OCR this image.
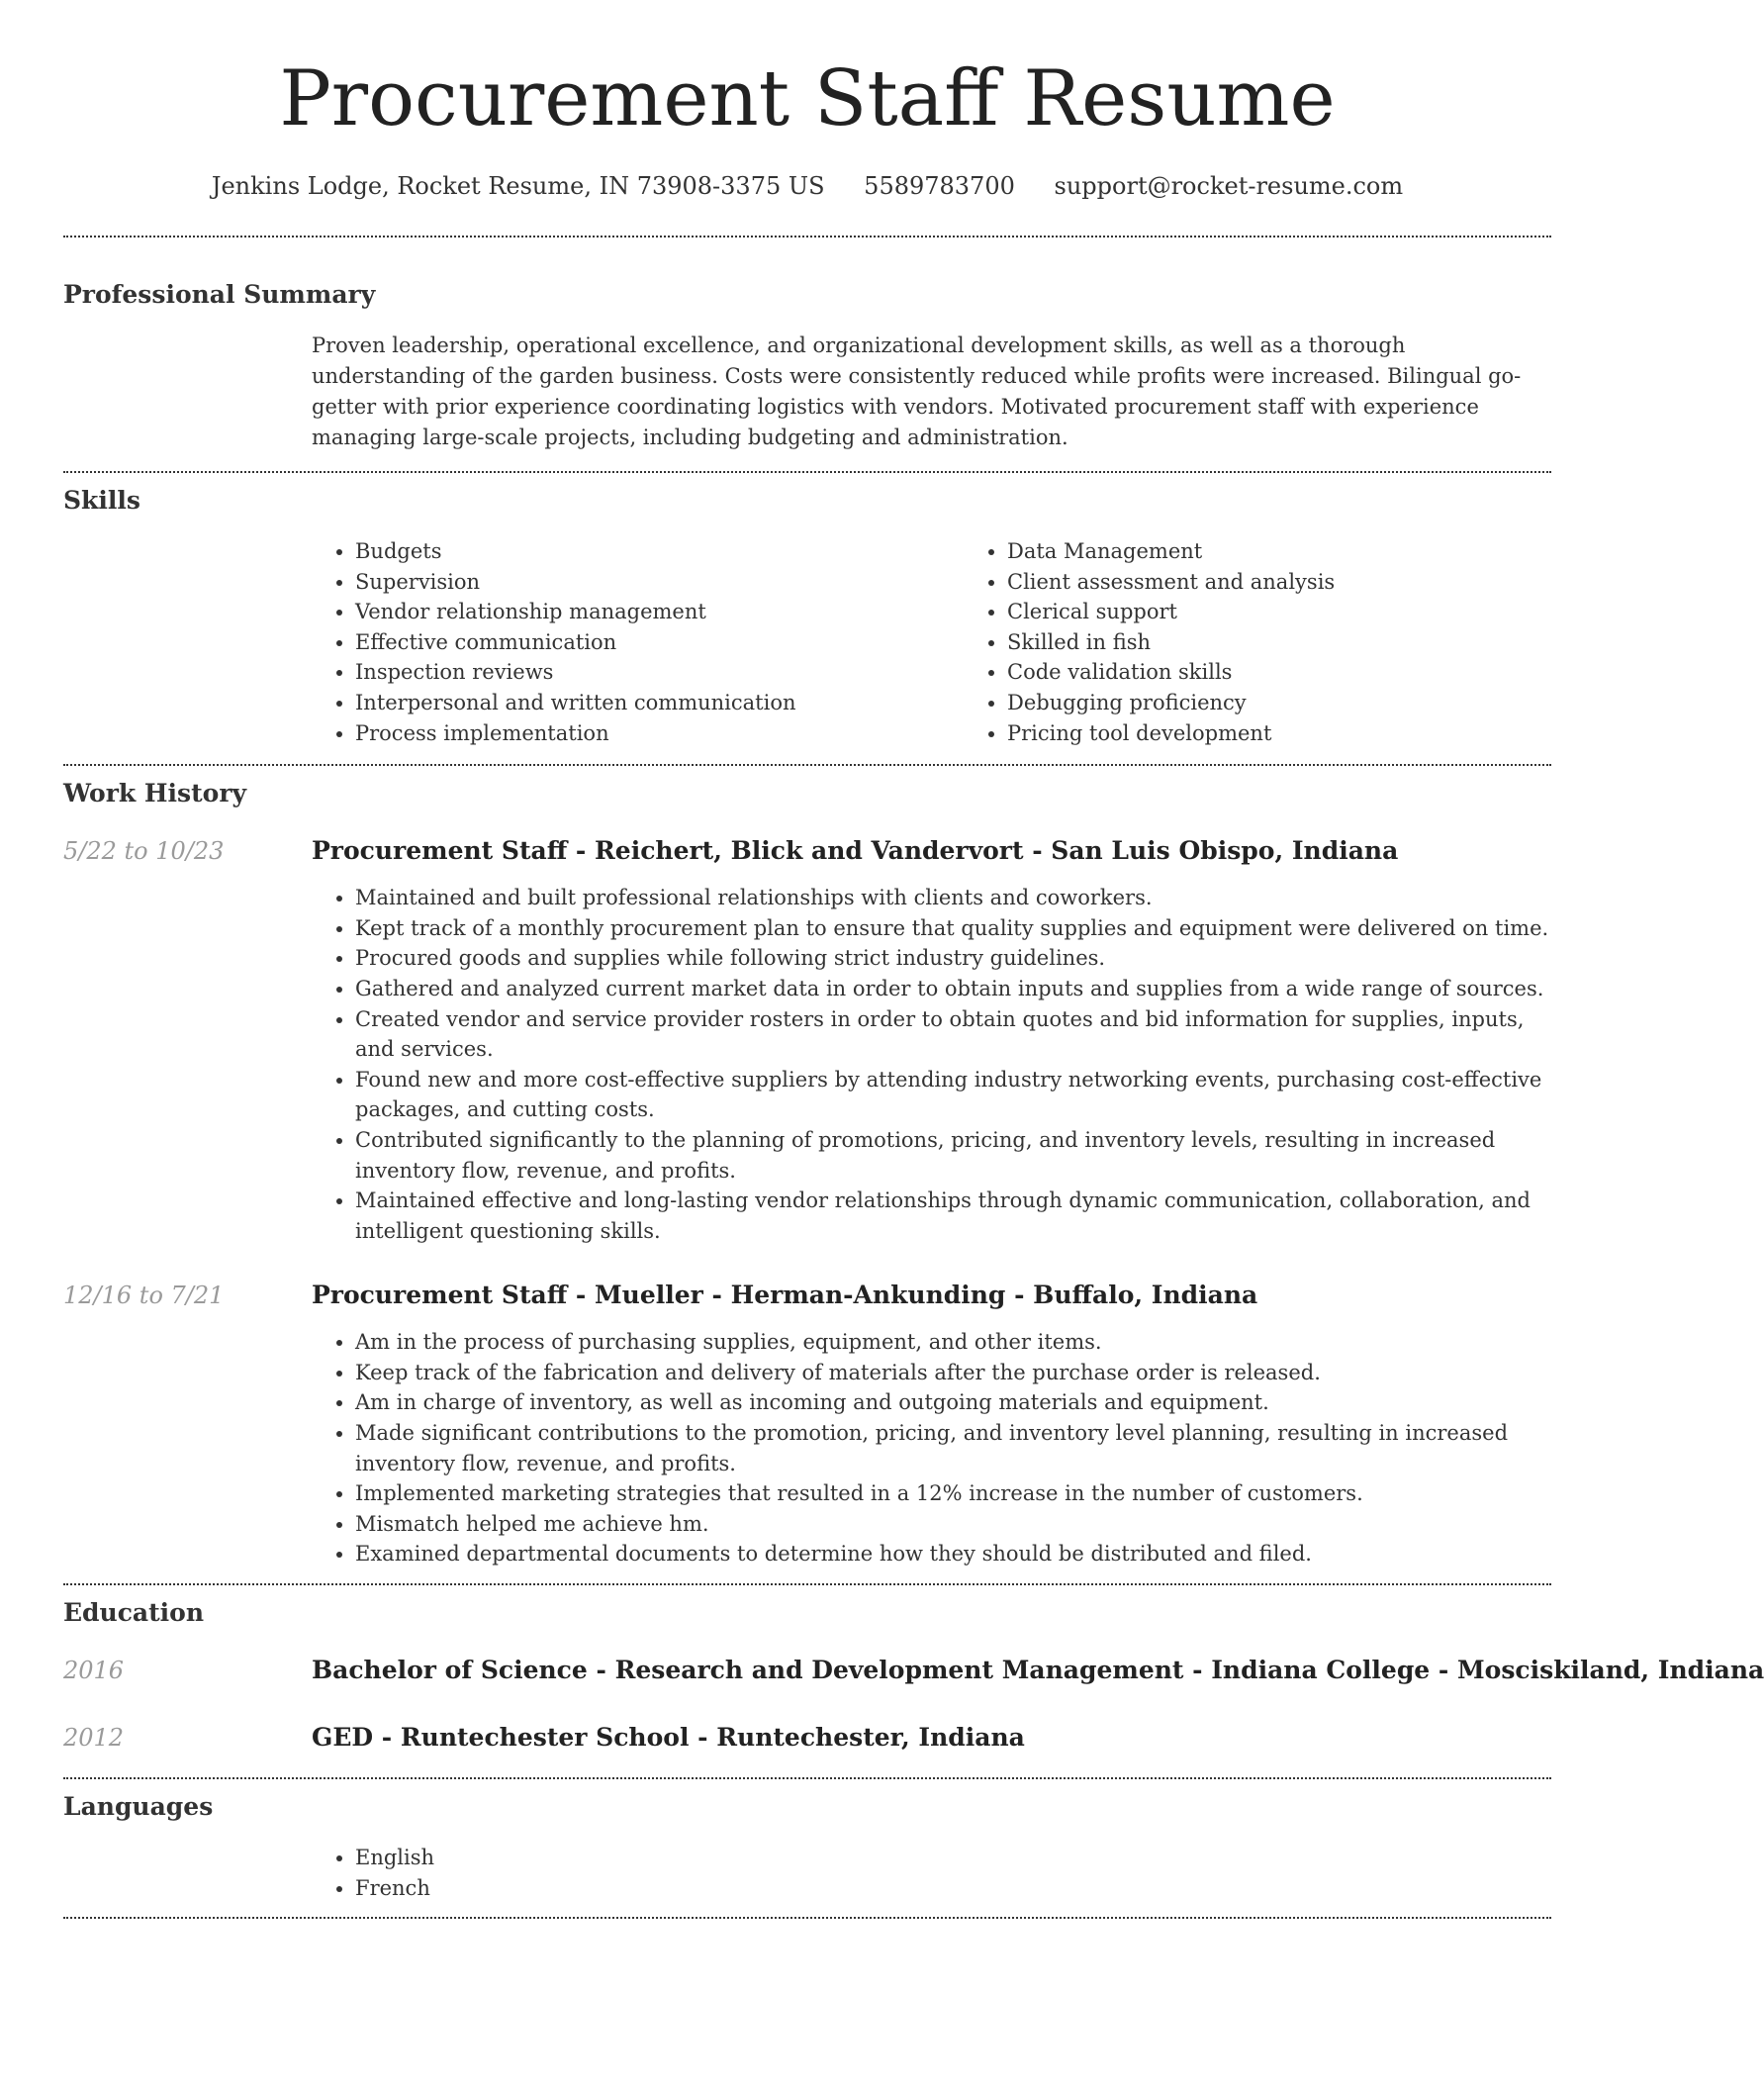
Procurement Staff Resume
Jenkins Lodge, Rocket Resume, IN 73908-3375 US 5589783700 support@rocket-resume.com
Professional Summary

Proven leadership, operational excellence, and organizational development skills, as well as a thorough understanding of the garden business. Costs were consistently reduced while profits were increased. Bilingual go-getter with prior experience coordinating logistics with vendors. Motivated procurement staff with experience managing large-scale projects, including budgeting and administration.

Skills
• Budgets
• Supervision
• Vendor relationship management
• Effective communication
• Inspection reviews
• Interpersonal and written communication
• Process implementation
• Data Management
• Client assessment and analysis
• Clerical support
• Skilled in fish
• Code validation skills
• Debugging proficiency
• Pricing tool development
Work History
5/22 to 10/23	Procurement Staff - Reichert, Blick and Vandervort - San Luis Obispo, Indiana
• Maintained and built professional relationships with clients and coworkers.
• Kept track of a monthly procurement plan to ensure that quality supplies and equipment were delivered on time.
• Procured goods and supplies while following strict industry guidelines.
• Gathered and analyzed current market data in order to obtain inputs and supplies from a wide range of sources.
• Created vendor and service provider rosters in order to obtain quotes and bid information for supplies, inputs, and services.
• Found new and more cost-effective suppliers by attending industry networking events, purchasing cost-effective packages, and cutting costs.
• Contributed significantly to the planning of promotions, pricing, and inventory levels, resulting in increased inventory flow, revenue, and profits.
• Maintained effective and long-lasting vendor relationships through dynamic communication, collaboration, and intelligent questioning skills.
12/16 to 7/21	Procurement Staff - Mueller - Herman-Ankunding - Buffalo, Indiana
• Am in the process of purchasing supplies, equipment, and other items.
• Keep track of the fabrication and delivery of materials after the purchase order is released.
• Am in charge of inventory, as well as incoming and outgoing materials and equipment.
• Made significant contributions to the promotion, pricing, and inventory level planning, resulting in increased inventory flow, revenue, and profits.
• Implemented marketing strategies that resulted in a 12% increase in the number of customers.
• Mismatch helped me achieve hm.
• Examined departmental documents to determine how they should be distributed and filed.
Education
2016	Bachelor of Science - Research and Development Management - Indiana College - Mosciskiland, Indiana
2012	GED - Runtechester School - Runtechester, Indiana
Languages
• English
• French
